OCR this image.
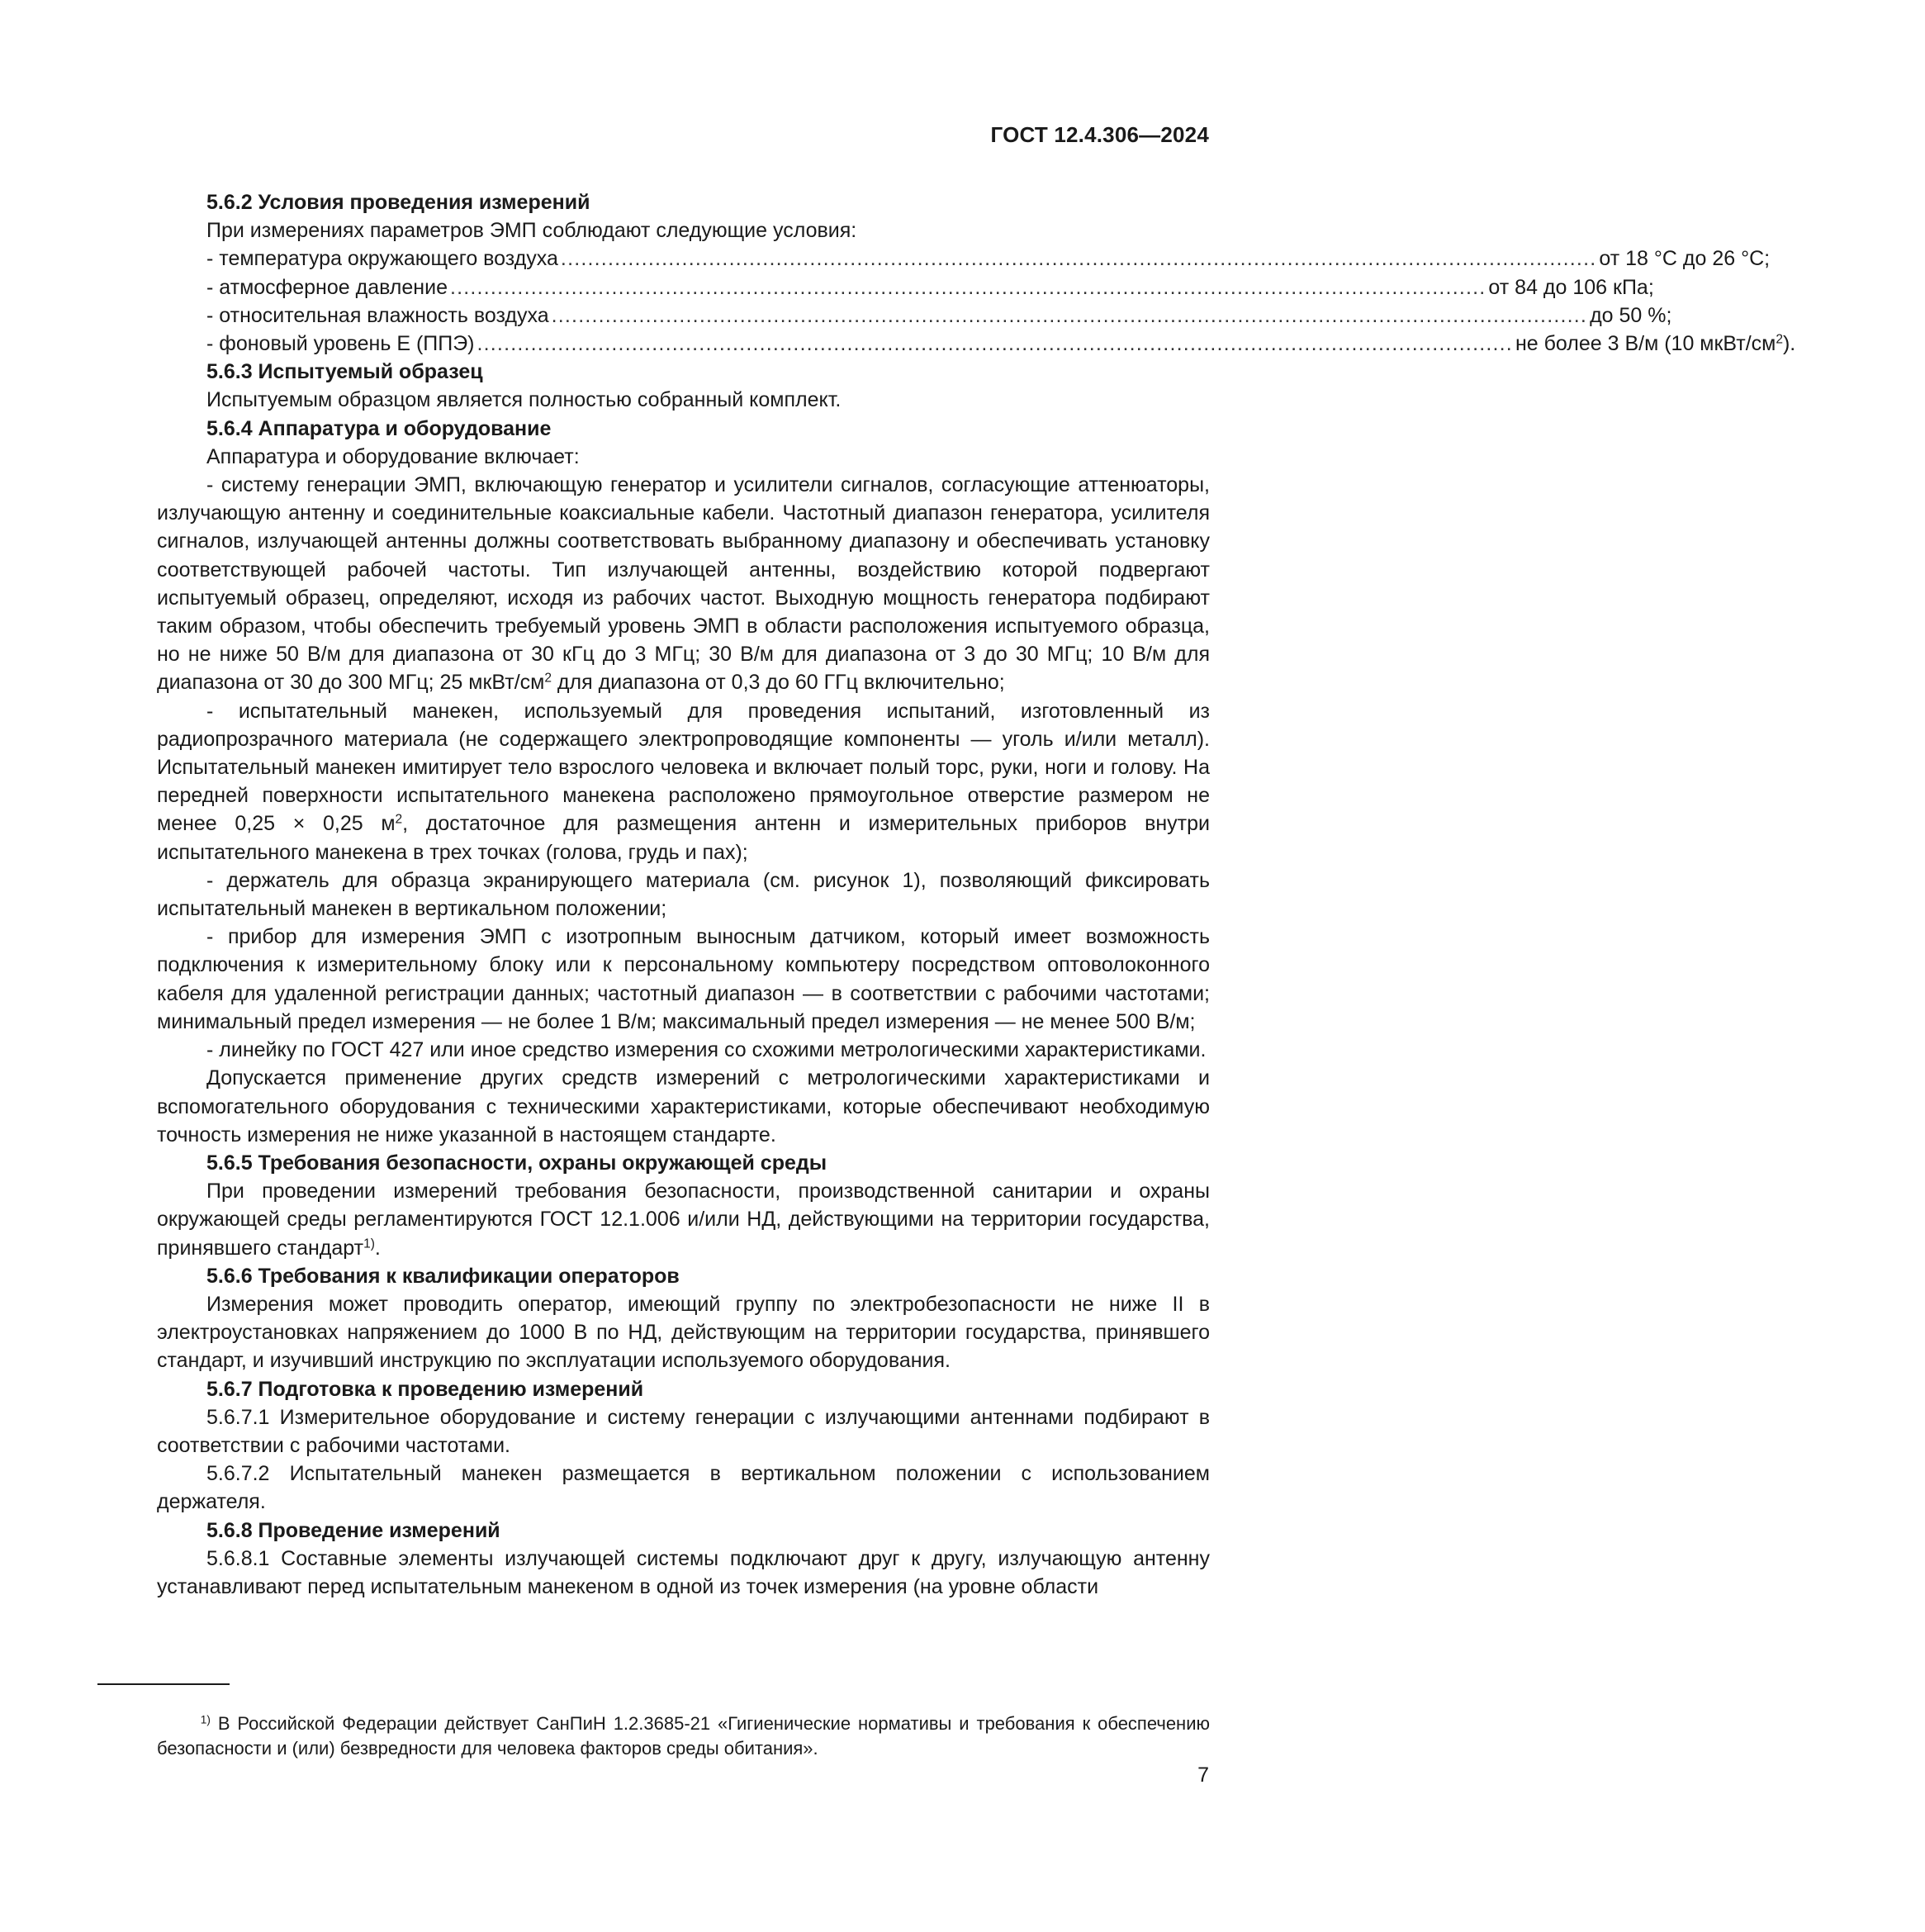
ГОСТ 12.4.306—2024

5.6.2 Условия проведения измерений

При измерениях параметров ЭМП соблюдают следующие условия:

- температура окружающего воздуха .......................................................................................................................................................... от 18 °С до 26 °С;
- атмосферное давление .......................................................................................................................................................... от 84 до 106 кПа;
- относительная влажность воздуха .......................................................................................................................................................... до 50 %;
- фоновый уровень Е (ППЭ) .......................................................................................................................................................... не более 3 В/м (10 мкВт/$см^2$).

5.6.3 Испытуемый образец

Испытуемым образцом является полностью собранный комплект.

5.6.4 Аппаратура и оборудование

Аппаратура и оборудование включает:

- систему генерации ЭМП, включающую генератор и усилители сигналов, согласующие аттенюаторы, излучающую антенну и соединительные коаксиальные кабели. Частотный диапазон генератора, усилителя сигналов, излучающей антенны должны соответствовать выбранному диапазону и обеспечивать установку соответствующей рабочей частоты. Тип излучающей антенны, воздействию которой подвергают испытуемый образец, определяют, исходя из рабочих частот. Выходную мощность генератора подбирают таким образом, чтобы обеспечить требуемый уровень ЭМП в области расположения испытуемого образца, но не ниже 50 В/м для диапазона от 30 кГц до 3 МГц; 30 В/м для диапазона от 3 до 30 МГц; 10 В/м для диапазона от 30 до 300 МГц; 25 мкВт/$см^2$ для диапазона от 0,3 до 60 ГГц включительно;

- испытательный манекен, используемый для проведения испытаний, изготовленный из радиопрозрачного материала (не содержащего электропроводящие компоненты — уголь и/или металл). Испытательный манекен имитирует тело взрослого человека и включает полый торс, руки, ноги и голову. На передней поверхности испытательного манекена расположено прямоугольное отверстие размером не менее 0,25 × 0,25 $м^2$, достаточное для размещения антенн и измерительных приборов внутри испытательного манекена в трех точках (голова, грудь и пах);

- держатель для образца экранирующего материала (см. рисунок 1), позволяющий фиксировать испытательный манекен в вертикальном положении;

- прибор для измерения ЭМП с изотропным выносным датчиком, который имеет возможность подключения к измерительному блоку или к персональному компьютеру посредством оптоволоконного кабеля для удаленной регистрации данных; частотный диапазон — в соответствии с рабочими частотами; минимальный предел измерения — не более 1 В/м; максимальный предел измерения — не менее 500 В/м;

- линейку по ГОСТ 427 или иное средство измерения со схожими метрологическими характеристиками.

Допускается применение других средств измерений с метрологическими характеристиками и вспомогательного оборудования с техническими характеристиками, которые обеспечивают необходимую точность измерения не ниже указанной в настоящем стандарте.

5.6.5 Требования безопасности, охраны окружающей среды

При проведении измерений требования безопасности, производственной санитарии и охраны окружающей среды регламентируются ГОСТ 12.1.006 и/или НД, действующими на территории государства, принявшего стандарт$^{1)}$.

5.6.6 Требования к квалификации операторов

Измерения может проводить оператор, имеющий группу по электробезопасности не ниже II в электроустановках напряжением до 1000 В по НД, действующим на территории государства, принявшего стандарт, и изучивший инструкцию по эксплуатации используемого оборудования.

5.6.7 Подготовка к проведению измерений

5.6.7.1 Измерительное оборудование и систему генерации с излучающими антеннами подбирают в соответствии с рабочими частотами.

5.6.7.2 Испытательный манекен размещается в вертикальном положении с использованием держателя.

5.6.8 Проведение измерений

5.6.8.1 Составные элементы излучающей системы подключают друг к другу, излучающую антенну устанавливают перед испытательным манекеном в одной из точек измерения (на уровне области

$^{1)}$ В Российской Федерации действует СанПиН 1.2.3685-21 «Гигиенические нормативы и требования к обеспечению безопасности и (или) безвредности для человека факторов среды обитания».

7
